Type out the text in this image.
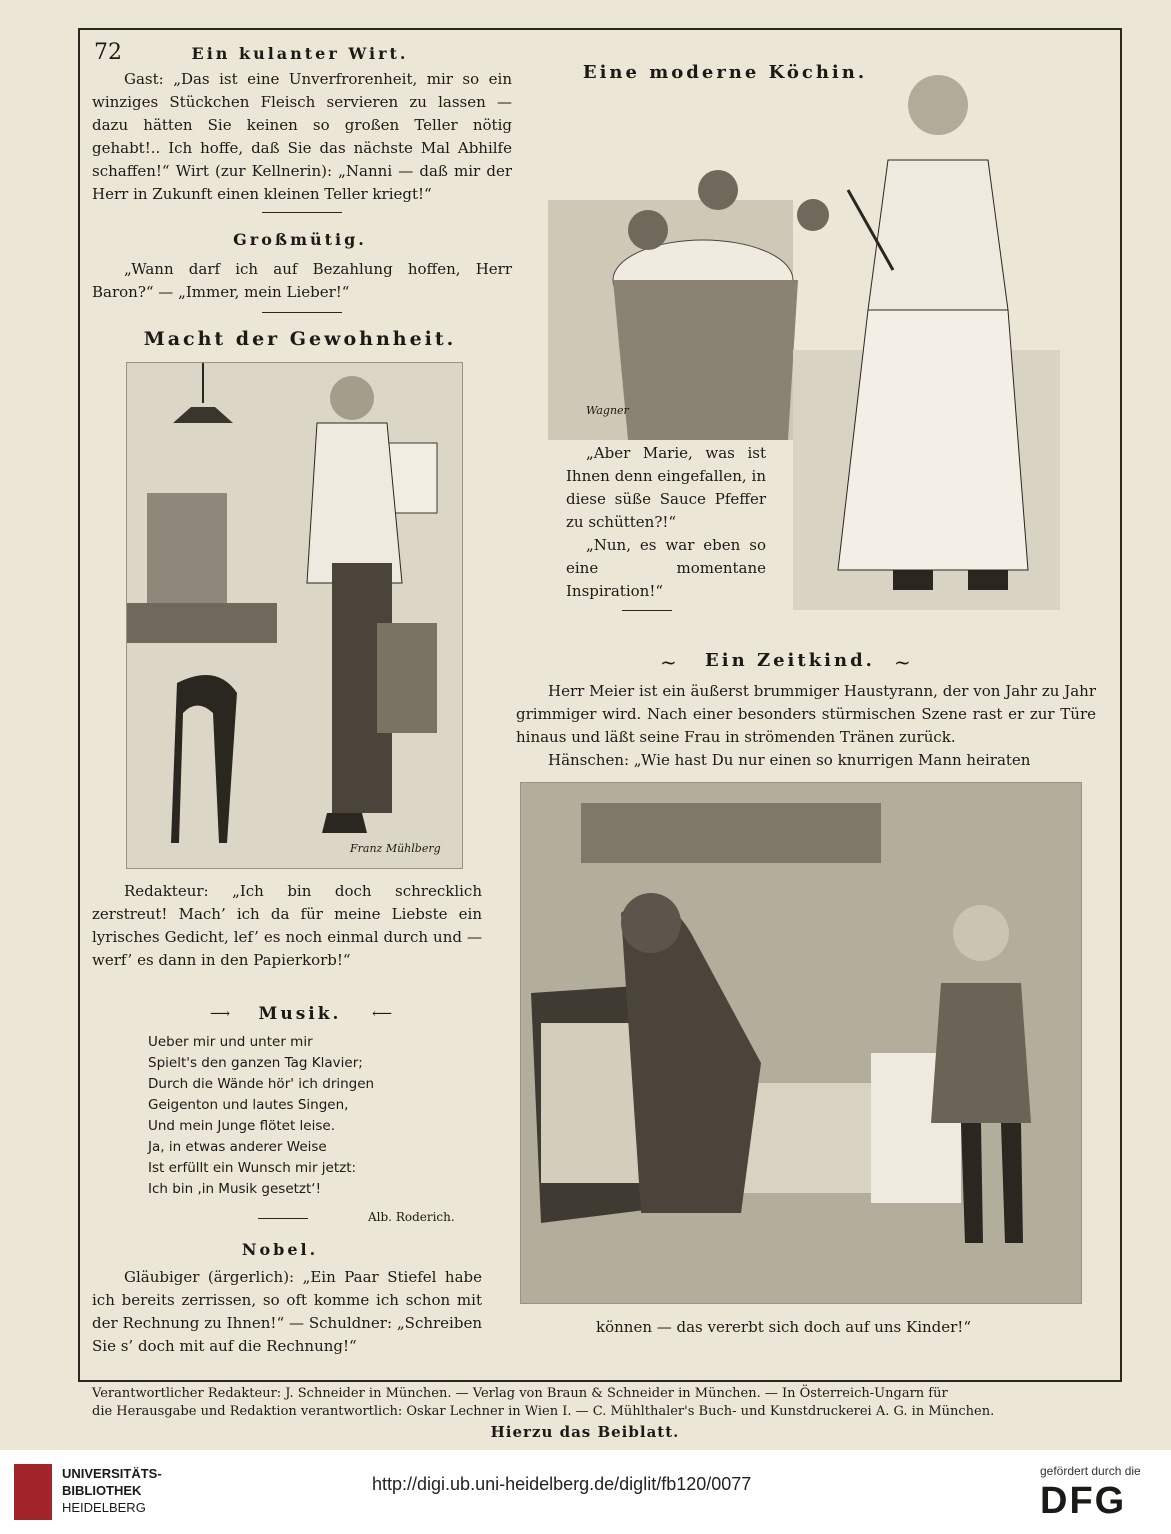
72	Ein kulanter Wirt.

Gast: „Das ist eine Unverfrorenheit, mir so ein winziges Stückchen Fleisch servieren zu lassen — dazu hätten Sie keinen so großen Teller nötig gehabt!.. Ich hoffe, daß Sie das nächste Mal Abhilfe schaffen!“ Wirt (zur Kellnerin): „Nanni — daß mir der Herr in Zukunft einen kleinen Teller kriegt!“

Großmütig.

„Wann darf ich auf Bezahlung hoffen, Herr Baron?“ — „Immer, mein Lieber!“

Macht der Gewohnheit.
Franz Mühlberg

Redakteur: „Ich bin doch schrecklich zerstreut! Mach’ ich da für meine Liebste ein lyrisches Gedicht, lef’ es noch einmal durch und — werf’ es dann in den Papierkorb!“

Musik.
⟶	⟵
Ueber mir und unter mir
Spielt's den ganzen Tag Klavier;
Durch die Wände hör' ich dringen
Geigenton und lautes Singen,
Und mein Junge flötet leise.
Ja, in etwas anderer Weise
Ist erfüllt ein Wunsch mir jetzt:
Ich bin ‚in Musik gesetzt‘!
Alb. Roderich.
Nobel.

Gläubiger (ärgerlich): „Ein Paar Stiefel habe ich bereits zerrissen, so oft komme ich schon mit der Rechnung zu Ihnen!“ — Schuldner: „Schreiben Sie s’ doch mit auf die Rechnung!“

Eine moderne Köchin.
Wagner

„Aber Marie, was ist Ihnen denn eingefallen, in diese süße Sauce Pfeffer zu schütten?!“

„Nun, es war eben so eine momentane Inspiration!“

~ Ein Zeitkind. ~

Herr Meier ist ein äußerst brummiger Haustyrann, der von Jahr zu Jahr grimmiger wird. Nach einer besonders stürmischen Szene rast er zur Türe hinaus und läßt seine Frau in strömenden Tränen zurück.

Hänschen: „Wie hast Du nur einen so knurrigen Mann heiraten

können — das vererbt sich doch auf uns Kinder!“
Verantwortlicher Redakteur: J. Schneider in München. — Verlag von Braun & Schneider in München. — In Österreich-Ungarn für
die Herausgabe und Redaktion verantwortlich: Oskar Lechner in Wien I. — C. Mühlthaler's Buch- und Kunstdruckerei A. G. in München.
Hierzu das Beiblatt.
UNIVERSITÄTS-
BIBLIOTHEK
HEIDELBERG
http://digi.ub.uni-heidelberg.de/diglit/fb120/0077
gefördert durch die
DFG
